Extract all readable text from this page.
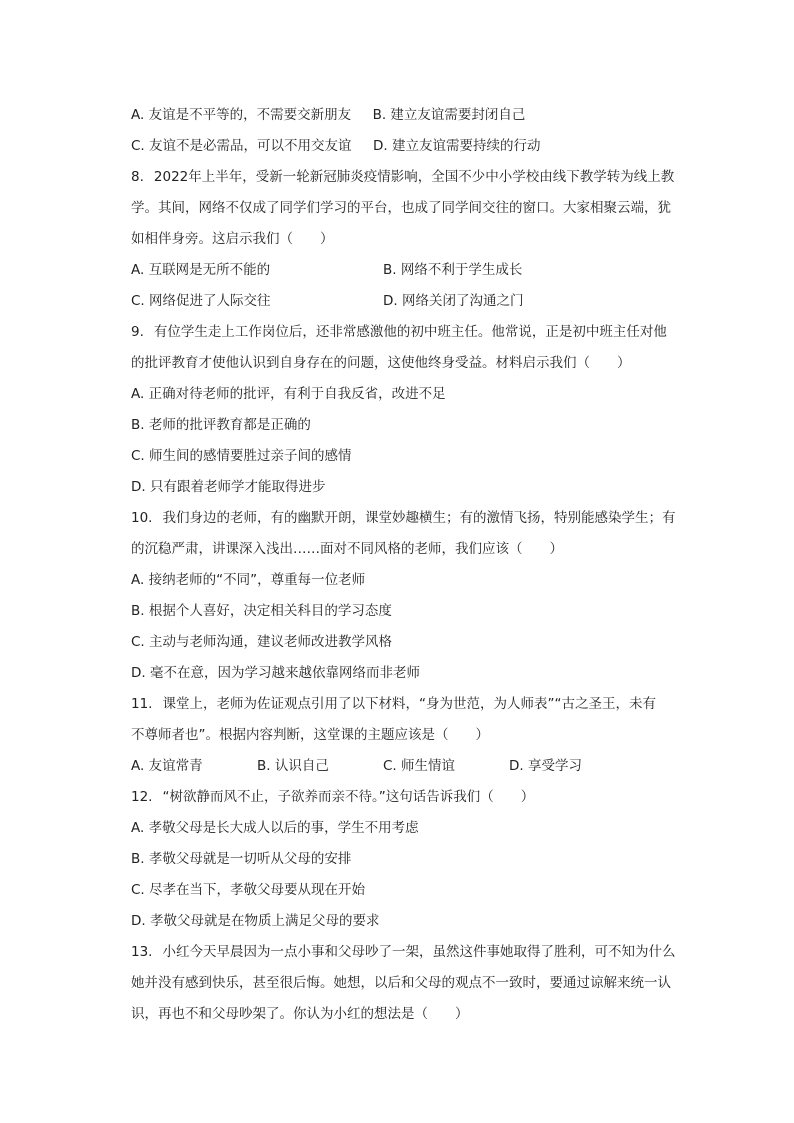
A. 友谊是不平等的，不需要交新朋友 B. 建立友谊需要封闭自己
C. 友谊不是必需品，可以不用交友谊 D. 建立友谊需要持续的行动
8. 2022年上半年，受新一轮新冠肺炎疫情影响，全国不少中小学校由线下教学转为线上教
学。其间，网络不仅成了同学们学习的平台，也成了同学间交往的窗口。大家相聚云端，犹
如相伴身旁。这启示我们（　　）
A. 互联网是无所不能的	B. 网络不利于学生成长
C. 网络促进了人际交往	D. 网络关闭了沟通之门
9. 有位学生走上工作岗位后，还非常感激他的初中班主任。他常说，正是初中班主任对他
的批评教育才使他认识到自身存在的问题，这使他终身受益。材料启示我们（　　）
A. 正确对待老师的批评，有利于自我反省，改进不足
B. 老师的批评教育都是正确的
C. 师生间的感情要胜过亲子间的感情
D. 只有跟着老师学才能取得进步
10. 我们身边的老师，有的幽默开朗，课堂妙趣横生；有的激情飞扬，特别能感染学生；有
的沉稳严肃，讲课深入浅出……面对不同风格的老师，我们应该（　　）
A. 接纳老师的“不同”，尊重每一位老师
B. 根据个人喜好，决定相关科目的学习态度
C. 主动与老师沟通，建议老师改进教学风格
D. 毫不在意，因为学习越来越依靠网络而非老师
11. 课堂上，老师为佐证观点引用了以下材料，“身为世范，为人师表”“古之圣王，未有
不尊师者也”。根据内容判断，这堂课的主题应该是（　　）
A. 友谊常青	B. 认识自己	C. 师生情谊	D. 享受学习
12. “树欲静而风不止，子欲养而亲不待。”这句话告诉我们（　　）
A. 孝敬父母是长大成人以后的事，学生不用考虑
B. 孝敬父母就是一切听从父母的安排
C. 尽孝在当下，孝敬父母要从现在开始
D. 孝敬父母就是在物质上满足父母的要求
13. 小红今天早晨因为一点小事和父母吵了一架，虽然这件事她取得了胜利，可不知为什么
她并没有感到快乐，甚至很后悔。她想，以后和父母的观点不一致时，要通过谅解来统一认
识，再也不和父母吵架了。你认为小红的想法是（　　）
